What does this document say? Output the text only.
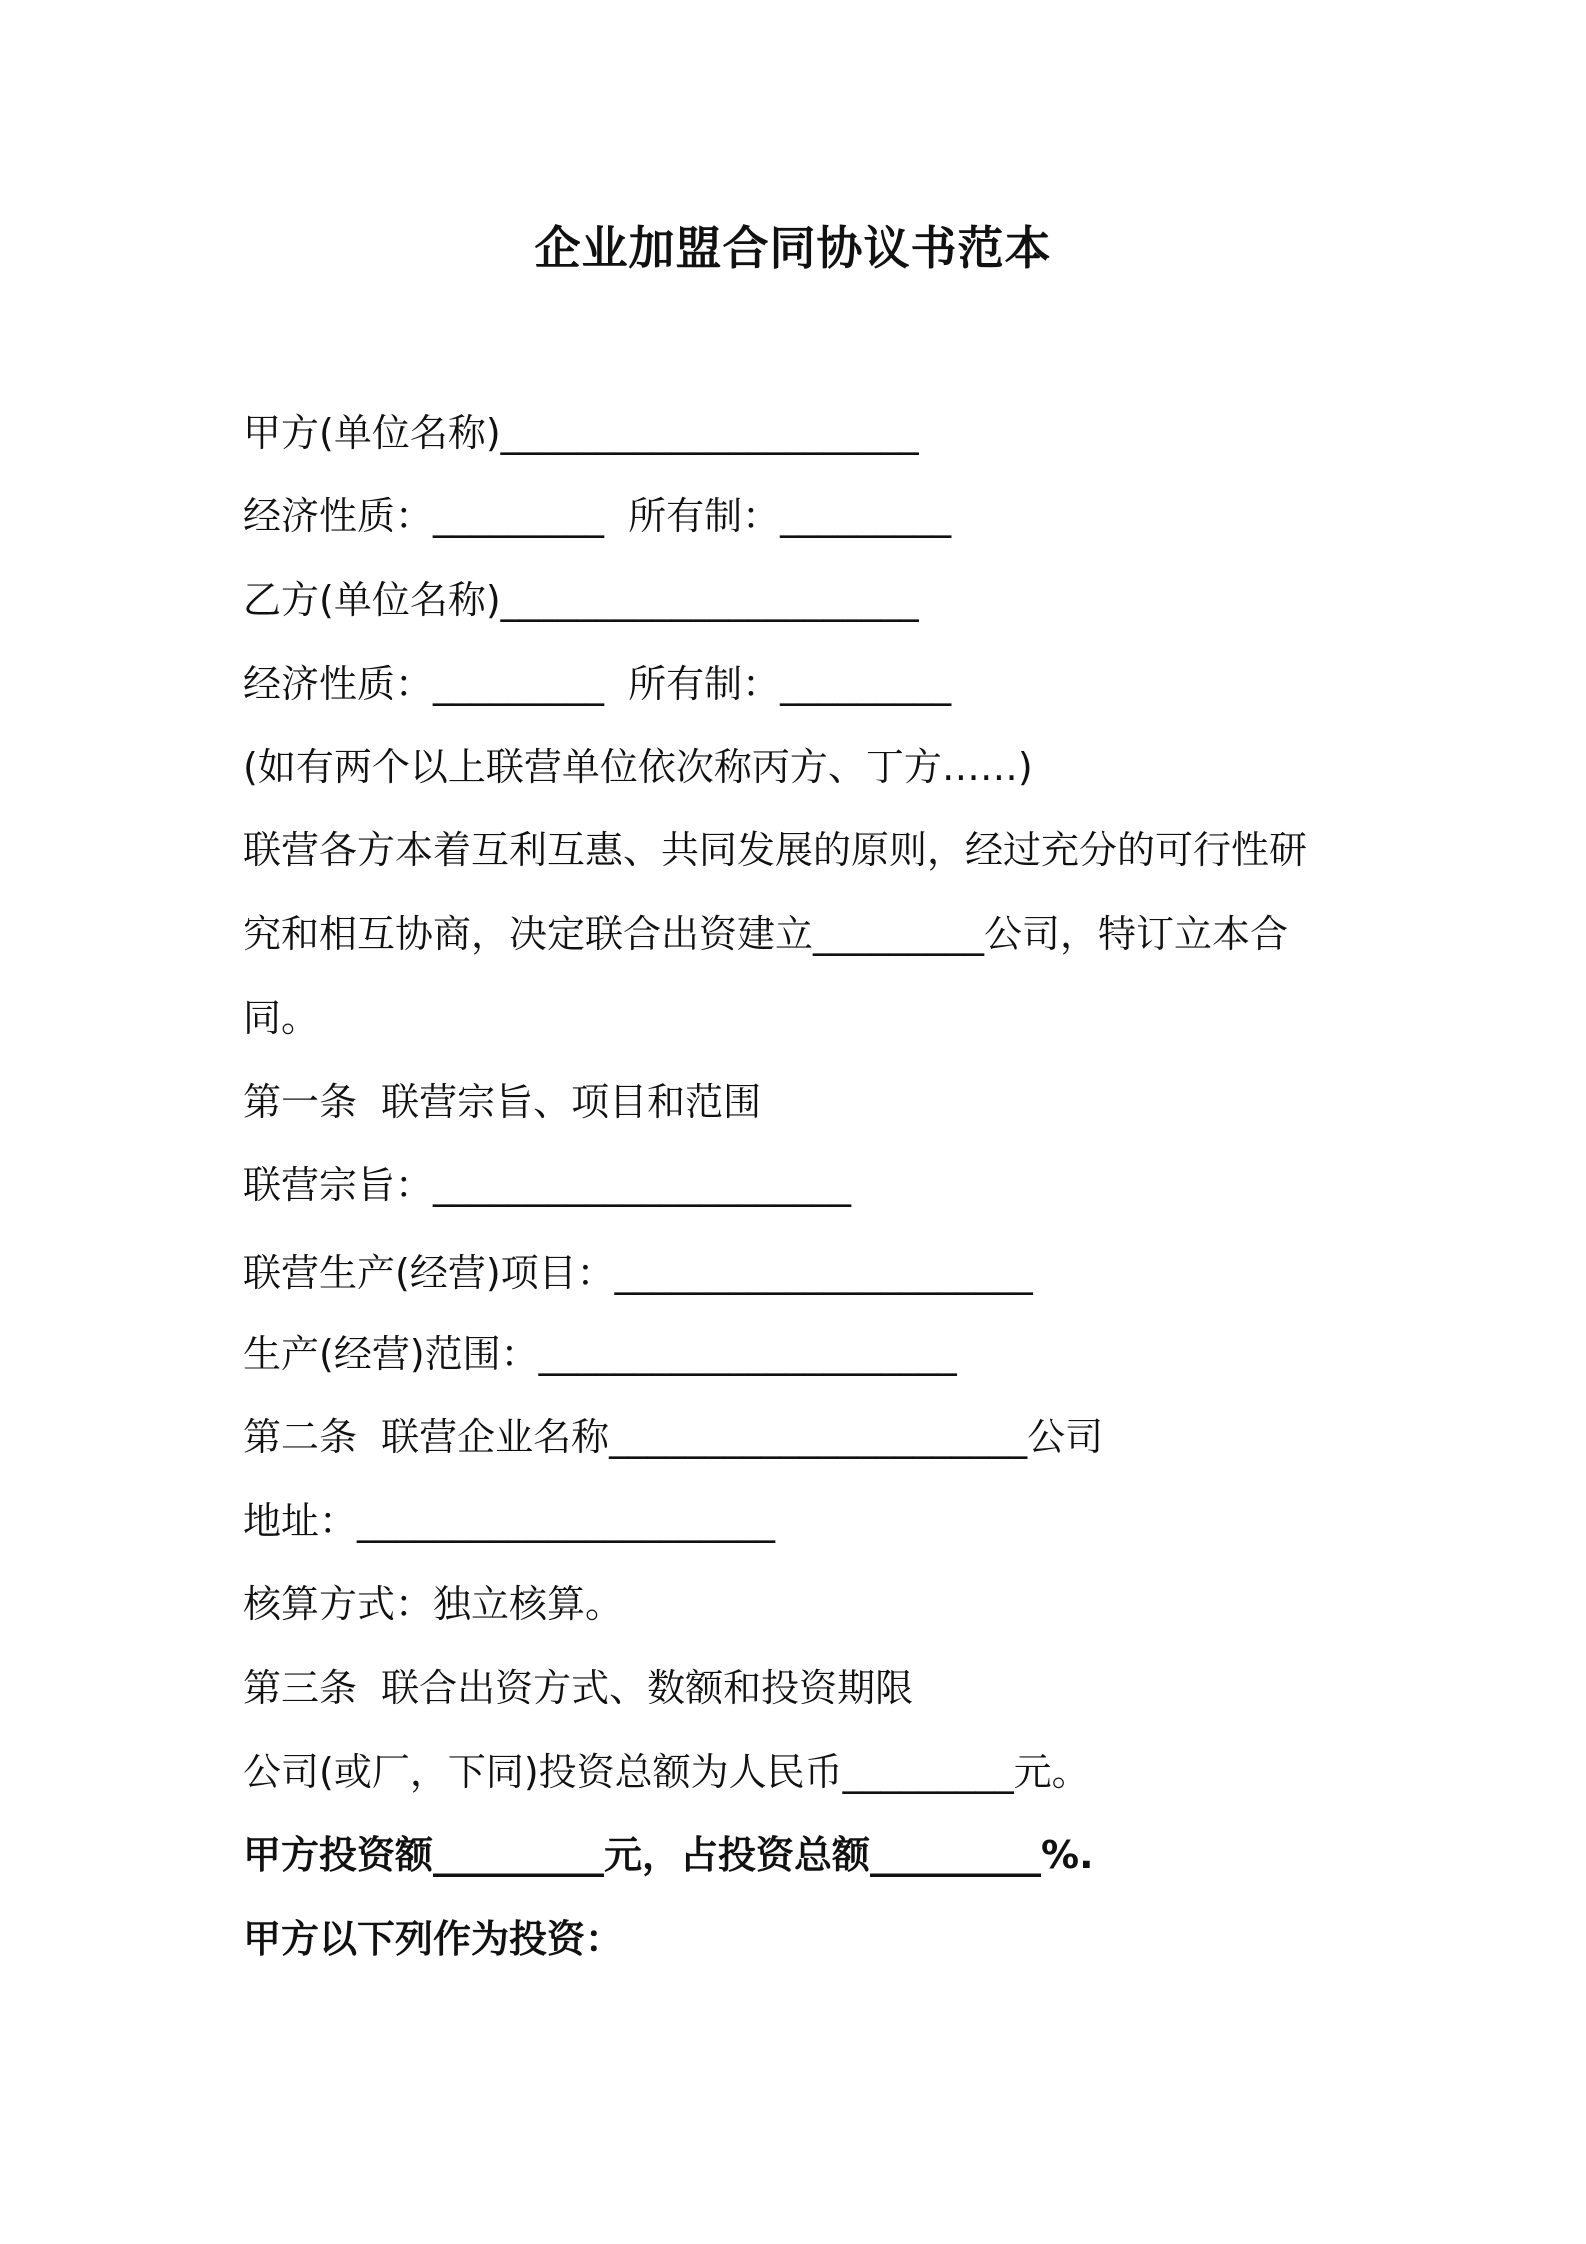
企业加盟合同协议书范本
甲方(单位名称)______________________
经济性质：_________  所有制：_________
乙方(单位名称)______________________
经济性质：_________  所有制：_________
(如有两个以上联营单位依次称丙方、丁方……)
联营各方本着互利互惠、共同发展的原则，经过充分的可行性研
究和相互协商，决定联合出资建立_________公司，特订立本合
同。
第一条  联营宗旨、项目和范围
联营宗旨：______________________
联营生产(经营)项目：______________________
生产(经营)范围：______________________
第二条  联营企业名称______________________公司
地址：______________________
核算方式：独立核算。
第三条  联合出资方式、数额和投资期限
公司(或厂，下同)投资总额为人民币_________元。
甲方投资额_________元，占投资总额_________%.
甲方以下列作为投资：
